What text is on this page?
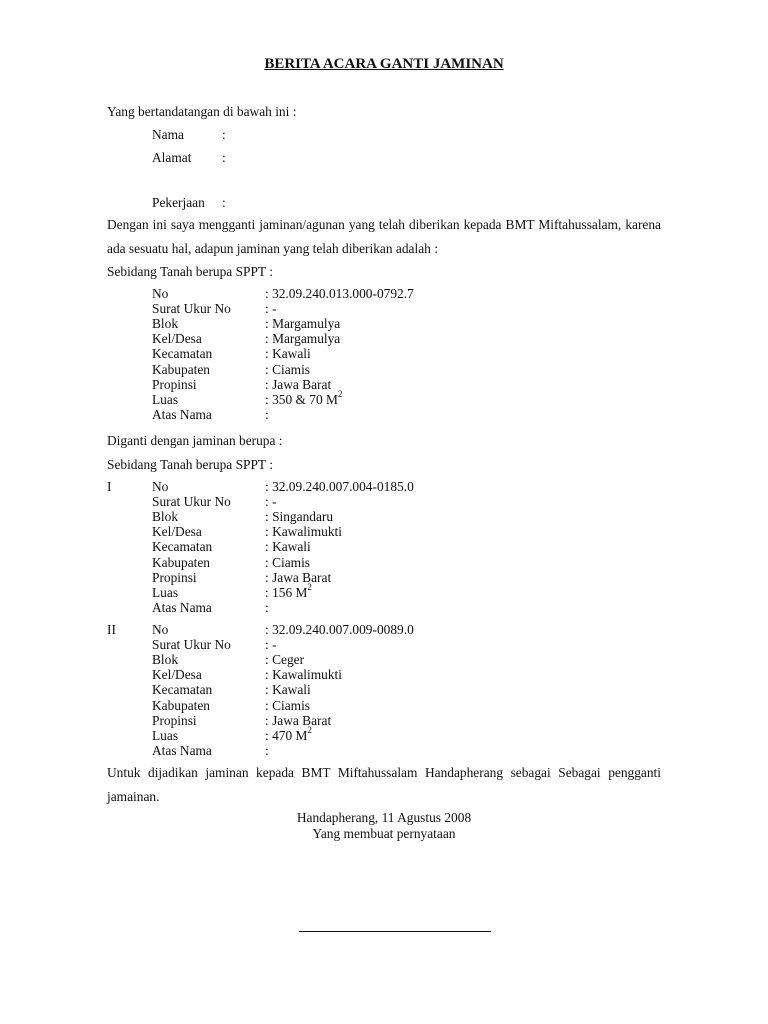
BERITA ACARA GANTI JAMINAN
Yang bertandatangan di bawah ini :
Nama	:
Alamat :
Pekerjaan :
Dengan ini saya mengganti jaminan/agunan yang telah diberikan kepada BMT Miftahussalam, karena ada sesuatu hal, adapun jaminan yang telah diberikan adalah :
Sebidang Tanah berupa SPPT :
No	: 32.09.240.013.000-0792.7
Surat Ukur No	: -
Blok	: Margamulya
Kel/Desa	: Margamulya
Kecamatan	: Kawali
Kabupaten	: Ciamis
Propinsi	: Jawa Barat
Luas	: 350 & 70 $M^2$
Atas Nama	:
Diganti dengan jaminan berupa :
Sebidang Tanah berupa SPPT :
I	No	: 32.09.240.007.004-0185.0
Surat Ukur No	: -
Blok	: Singandaru
Kel/Desa	: Kawalimukti
Kecamatan	: Kawali
Kabupaten	: Ciamis
Propinsi	: Jawa Barat
Luas	: 156 $M^2$
Atas Nama	:
II	No	: 32.09.240.007.009-0089.0
Surat Ukur No	: -
Blok	: Ceger
Kel/Desa	: Kawalimukti
Kecamatan	: Kawali
Kabupaten	: Ciamis
Propinsi	: Jawa Barat
Luas	: 470 $M^2$
Atas Nama	:
Untuk dijadikan jaminan kepada BMT Miftahussalam Handapherang sebagai Sebagai pengganti jamainan.
Handapherang, 11 Agustus 2008
Yang membuat pernyataan
